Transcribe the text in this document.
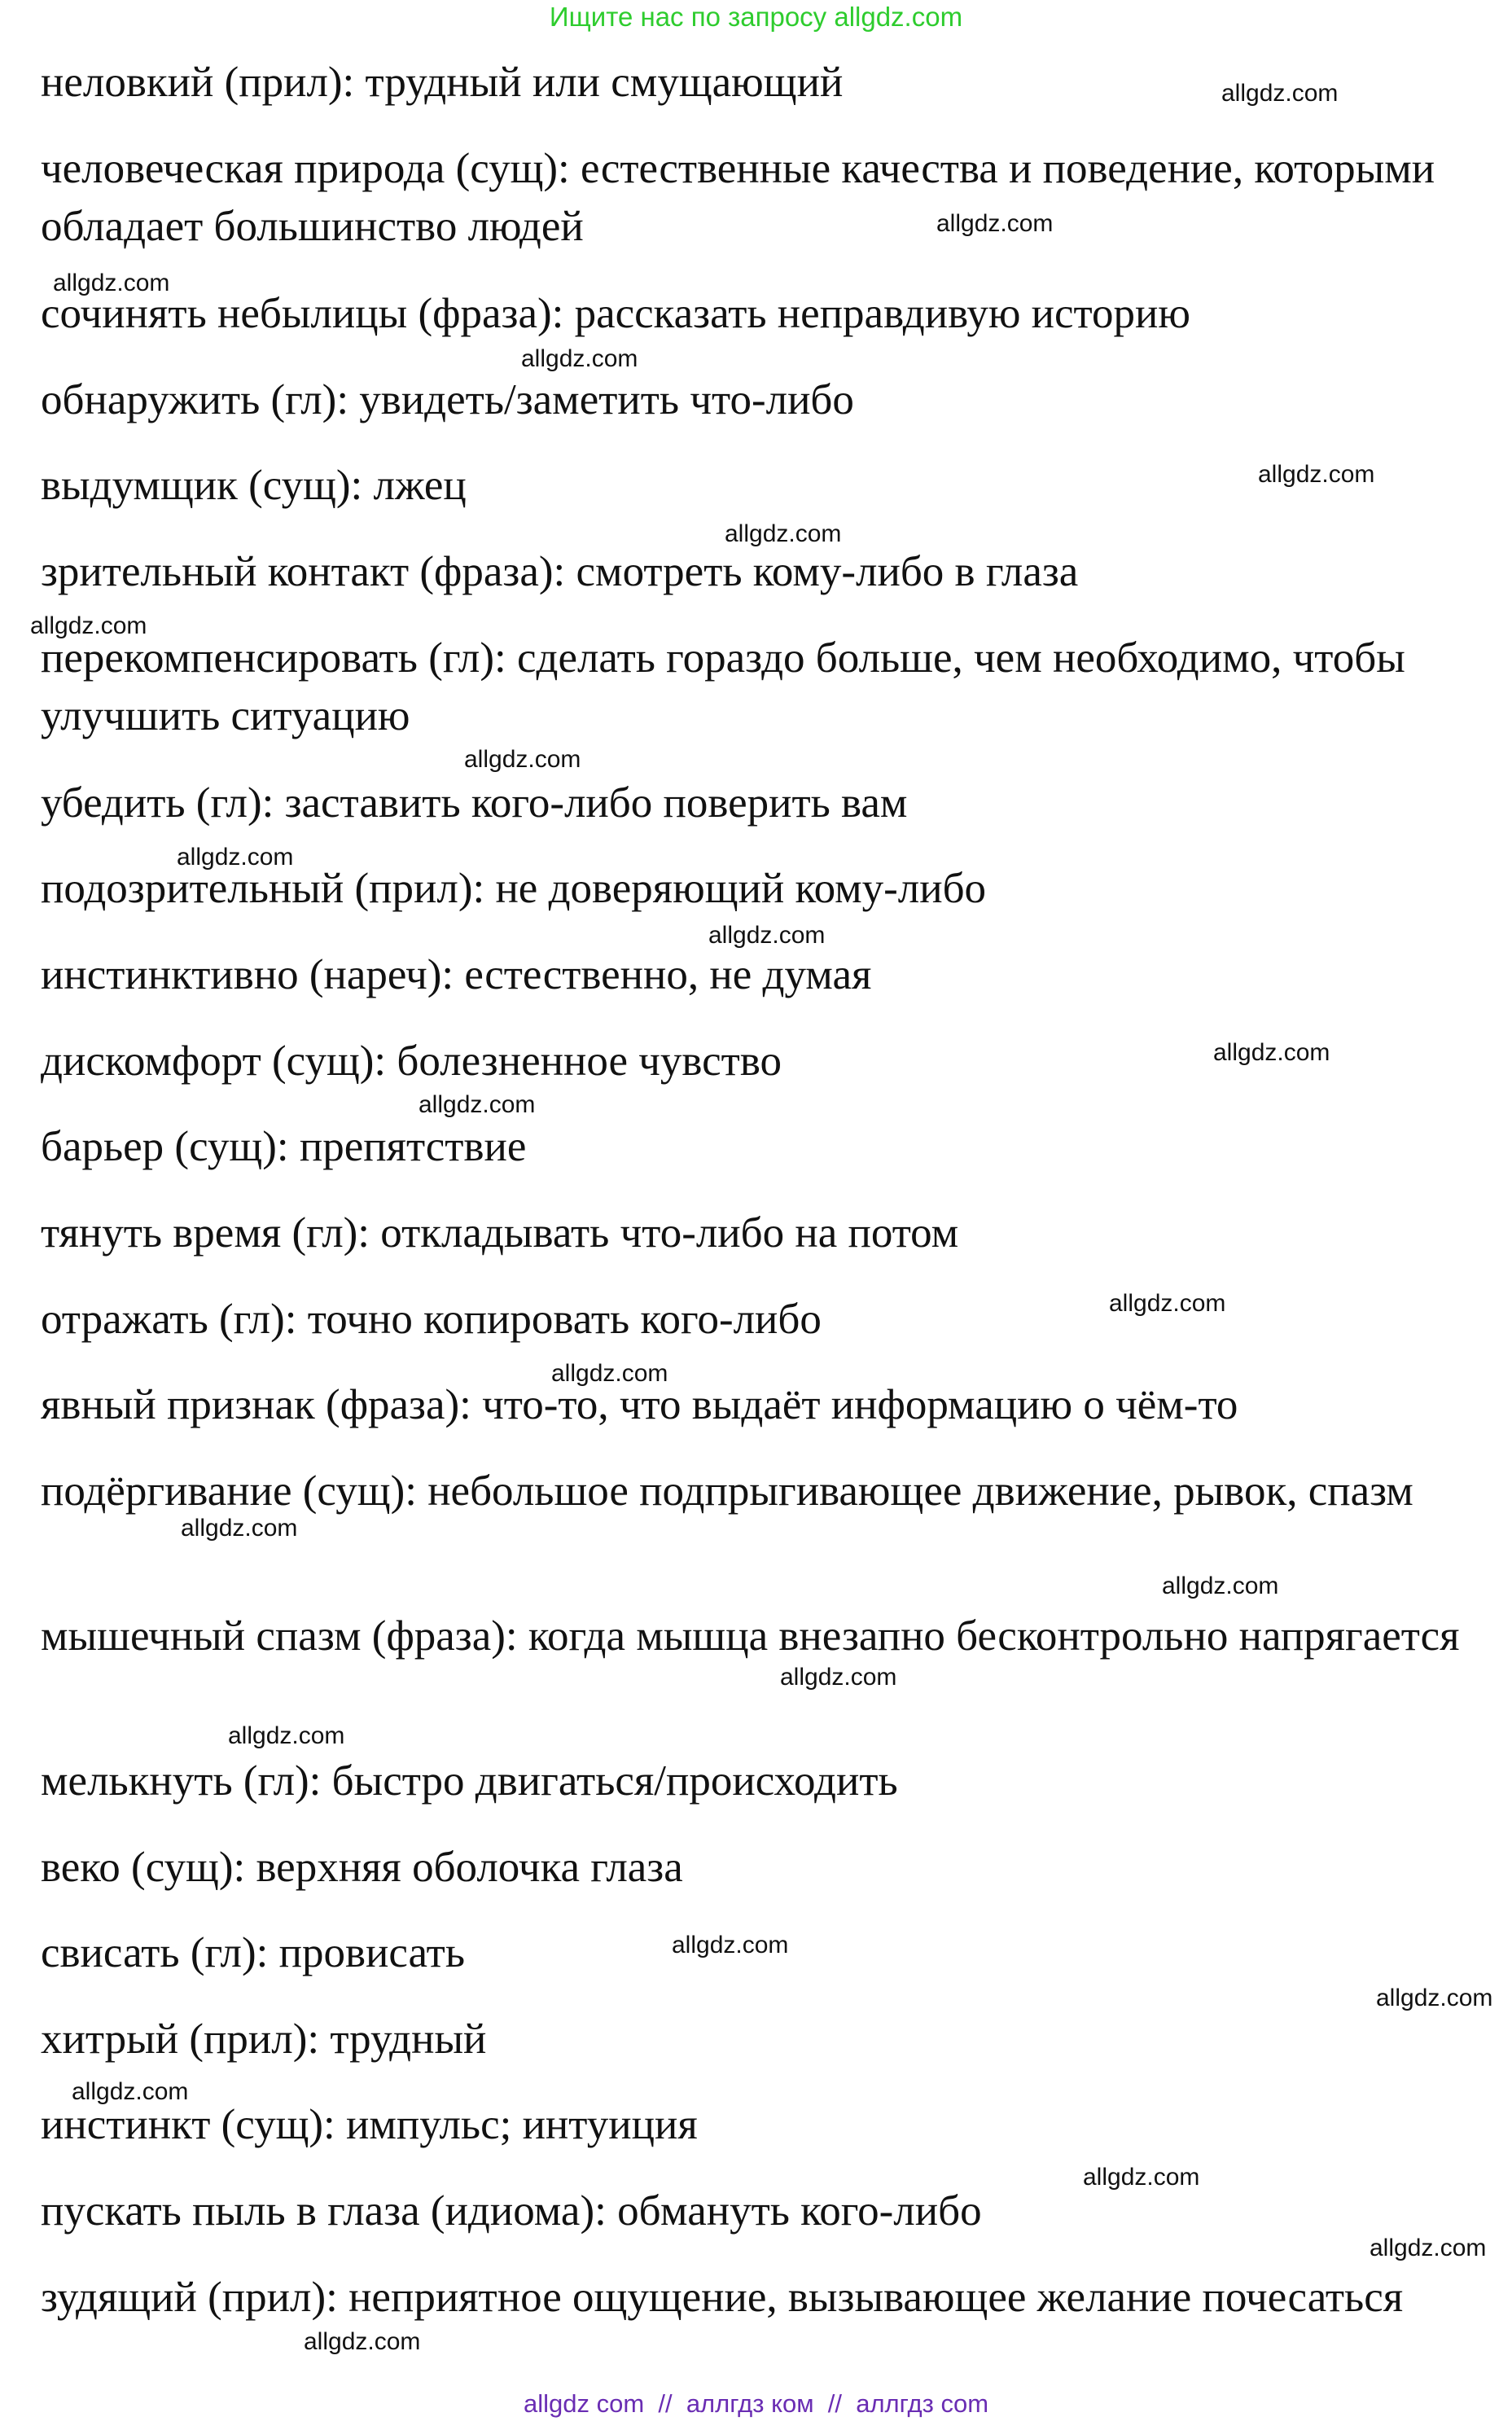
Ищите нас по запросу allgdz.com

неловкий (прил): трудный или смущающий

человеческая природа (сущ): естественные качества и поведение, которыми обладает большинство людей

сочинять небылицы (фраза): рассказать неправдивую историю

обнаружить (гл): увидеть/заметить что-либо

выдумщик (сущ): лжец

зрительный контакт (фраза): смотреть кому-либо в глаза

перекомпенсировать (гл): сделать гораздо больше, чем необходимо, чтобы улучшить ситуацию

убедить (гл): заставить кого-либо поверить вам

подозрительный (прил): не доверяющий кому-либо

инстинктивно (нареч): естественно, не думая

дискомфорт (сущ): болезненное чувство

барьер (сущ): препятствие

тянуть время (гл): откладывать что-либо на потом

отражать (гл): точно копировать кого-либо

явный признак (фраза): что-то, что выдаёт информацию о чём-то

подёргивание (сущ): небольшое подпрыгивающее движение, рывок, спазм

мышечный спазм (фраза): когда мышца внезапно бесконтрольно напрягается

мелькнуть (гл): быстро двигаться/происходить

веко (сущ): верхняя оболочка глаза

свисать (гл): провисать

хитрый (прил): трудный

инстинкт (сущ): импульс; интуиция

пускать пыль в глаза (идиома): обмануть кого-либо

зудящий (прил): неприятное ощущение, вызывающее желание почесаться

allgdz.com
allgdz.com
allgdz.com
allgdz.com
allgdz.com
allgdz.com
allgdz.com
allgdz.com
allgdz.com
allgdz.com
allgdz.com
allgdz.com
allgdz.com
allgdz.com
allgdz.com
allgdz.com
allgdz.com
allgdz.com
allgdz.com
allgdz.com
allgdz.com
allgdz.com
allgdz.com
allgdz.com
allgdz com  //  аллгдз ком  //  аллгдз com
